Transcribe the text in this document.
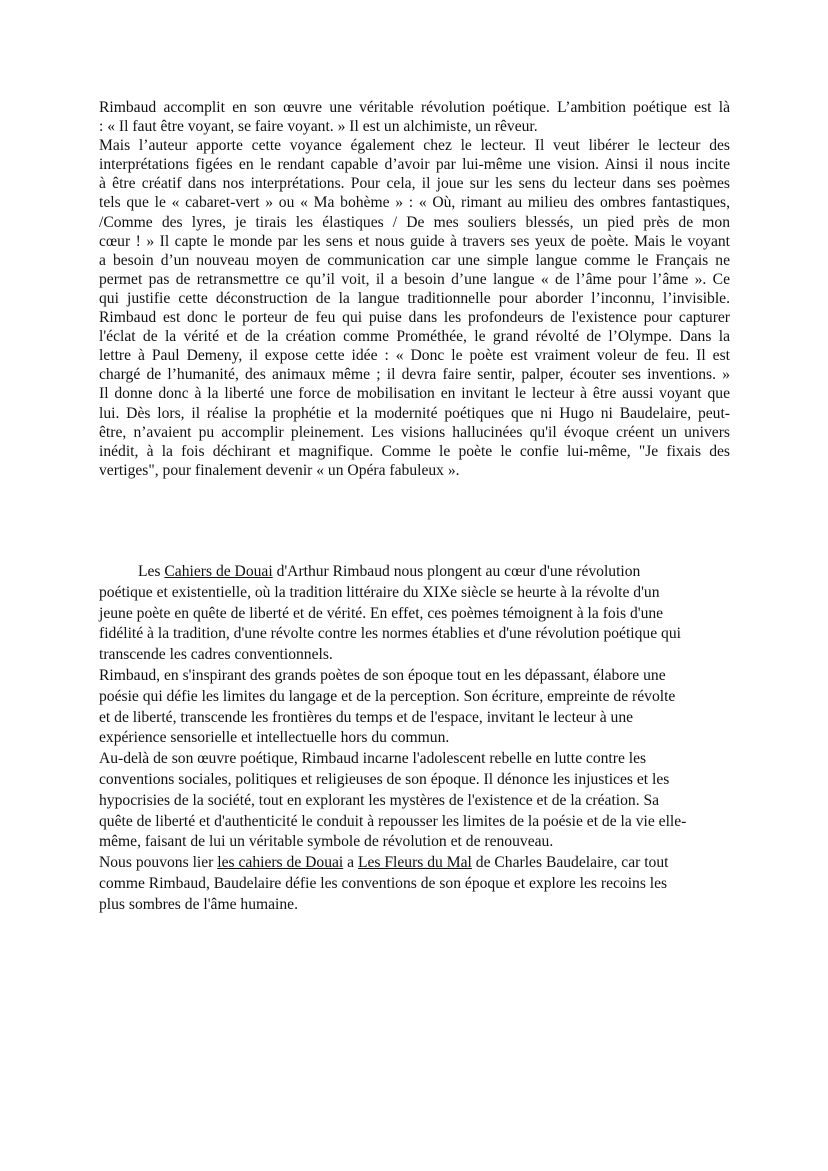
Rimbaud accomplit en son œuvre une véritable révolution poétique. L’ambition poétique est là
: « Il faut être voyant, se faire voyant. » Il est un alchimiste, un rêveur.
Mais l’auteur apporte cette voyance également chez le lecteur. Il veut libérer le lecteur des
interprétations figées en le rendant capable d’avoir par lui-même une vision. Ainsi il nous incite
à être créatif dans nos interprétations. Pour cela, il joue sur les sens du lecteur dans ses poèmes
tels que le « cabaret-vert » ou « Ma bohème » : « Où, rimant au milieu des ombres fantastiques,
/Comme des lyres, je tirais les élastiques / De mes souliers blessés, un pied près de mon
cœur ! » Il capte le monde par les sens et nous guide à travers ses yeux de poète. Mais le voyant
a besoin d’un nouveau moyen de communication car une simple langue comme le Français ne
permet pas de retransmettre ce qu’il voit, il a besoin d’une langue « de l’âme pour l’âme ». Ce
qui justifie cette déconstruction de la langue traditionnelle pour aborder l’inconnu, l’invisible.
Rimbaud est donc le porteur de feu qui puise dans les profondeurs de l'existence pour capturer
l'éclat de la vérité et de la création comme Prométhée, le grand révolté de l’Olympe. Dans la
lettre à Paul Demeny, il expose cette idée : « Donc le poète est vraiment voleur de feu. Il est
chargé de l’humanité, des animaux même ; il devra faire sentir, palper, écouter ses inventions. »
Il donne donc à la liberté une force de mobilisation en invitant le lecteur à être aussi voyant que
lui. Dès lors, il réalise la prophétie et la modernité poétiques que ni Hugo ni Baudelaire, peut-
être, n’avaient pu accomplir pleinement. Les visions hallucinées qu'il évoque créent un univers
inédit, à la fois déchirant et magnifique. Comme le poète le confie lui-même, "Je fixais des
vertiges", pour finalement devenir « un Opéra fabuleux ».
Les Cahiers de Douai d'Arthur Rimbaud nous plongent au cœur d'une révolution
poétique et existentielle, où la tradition littéraire du XIXe siècle se heurte à la révolte d'un
jeune poète en quête de liberté et de vérité. En effet, ces poèmes témoignent à la fois d'une
fidélité à la tradition, d'une révolte contre les normes établies et d'une révolution poétique qui
transcende les cadres conventionnels.
Rimbaud, en s'inspirant des grands poètes de son époque tout en les dépassant, élabore une
poésie qui défie les limites du langage et de la perception. Son écriture, empreinte de révolte
et de liberté, transcende les frontières du temps et de l'espace, invitant le lecteur à une
expérience sensorielle et intellectuelle hors du commun.
Au-delà de son œuvre poétique, Rimbaud incarne l'adolescent rebelle en lutte contre les
conventions sociales, politiques et religieuses de son époque. Il dénonce les injustices et les
hypocrisies de la société, tout en explorant les mystères de l'existence et de la création. Sa
quête de liberté et d'authenticité le conduit à repousser les limites de la poésie et de la vie elle-
même, faisant de lui un véritable symbole de révolution et de renouveau.
Nous pouvons lier les cahiers de Douai a Les Fleurs du Mal de Charles Baudelaire, car tout
comme Rimbaud, Baudelaire défie les conventions de son époque et explore les recoins les
plus sombres de l'âme humaine.
